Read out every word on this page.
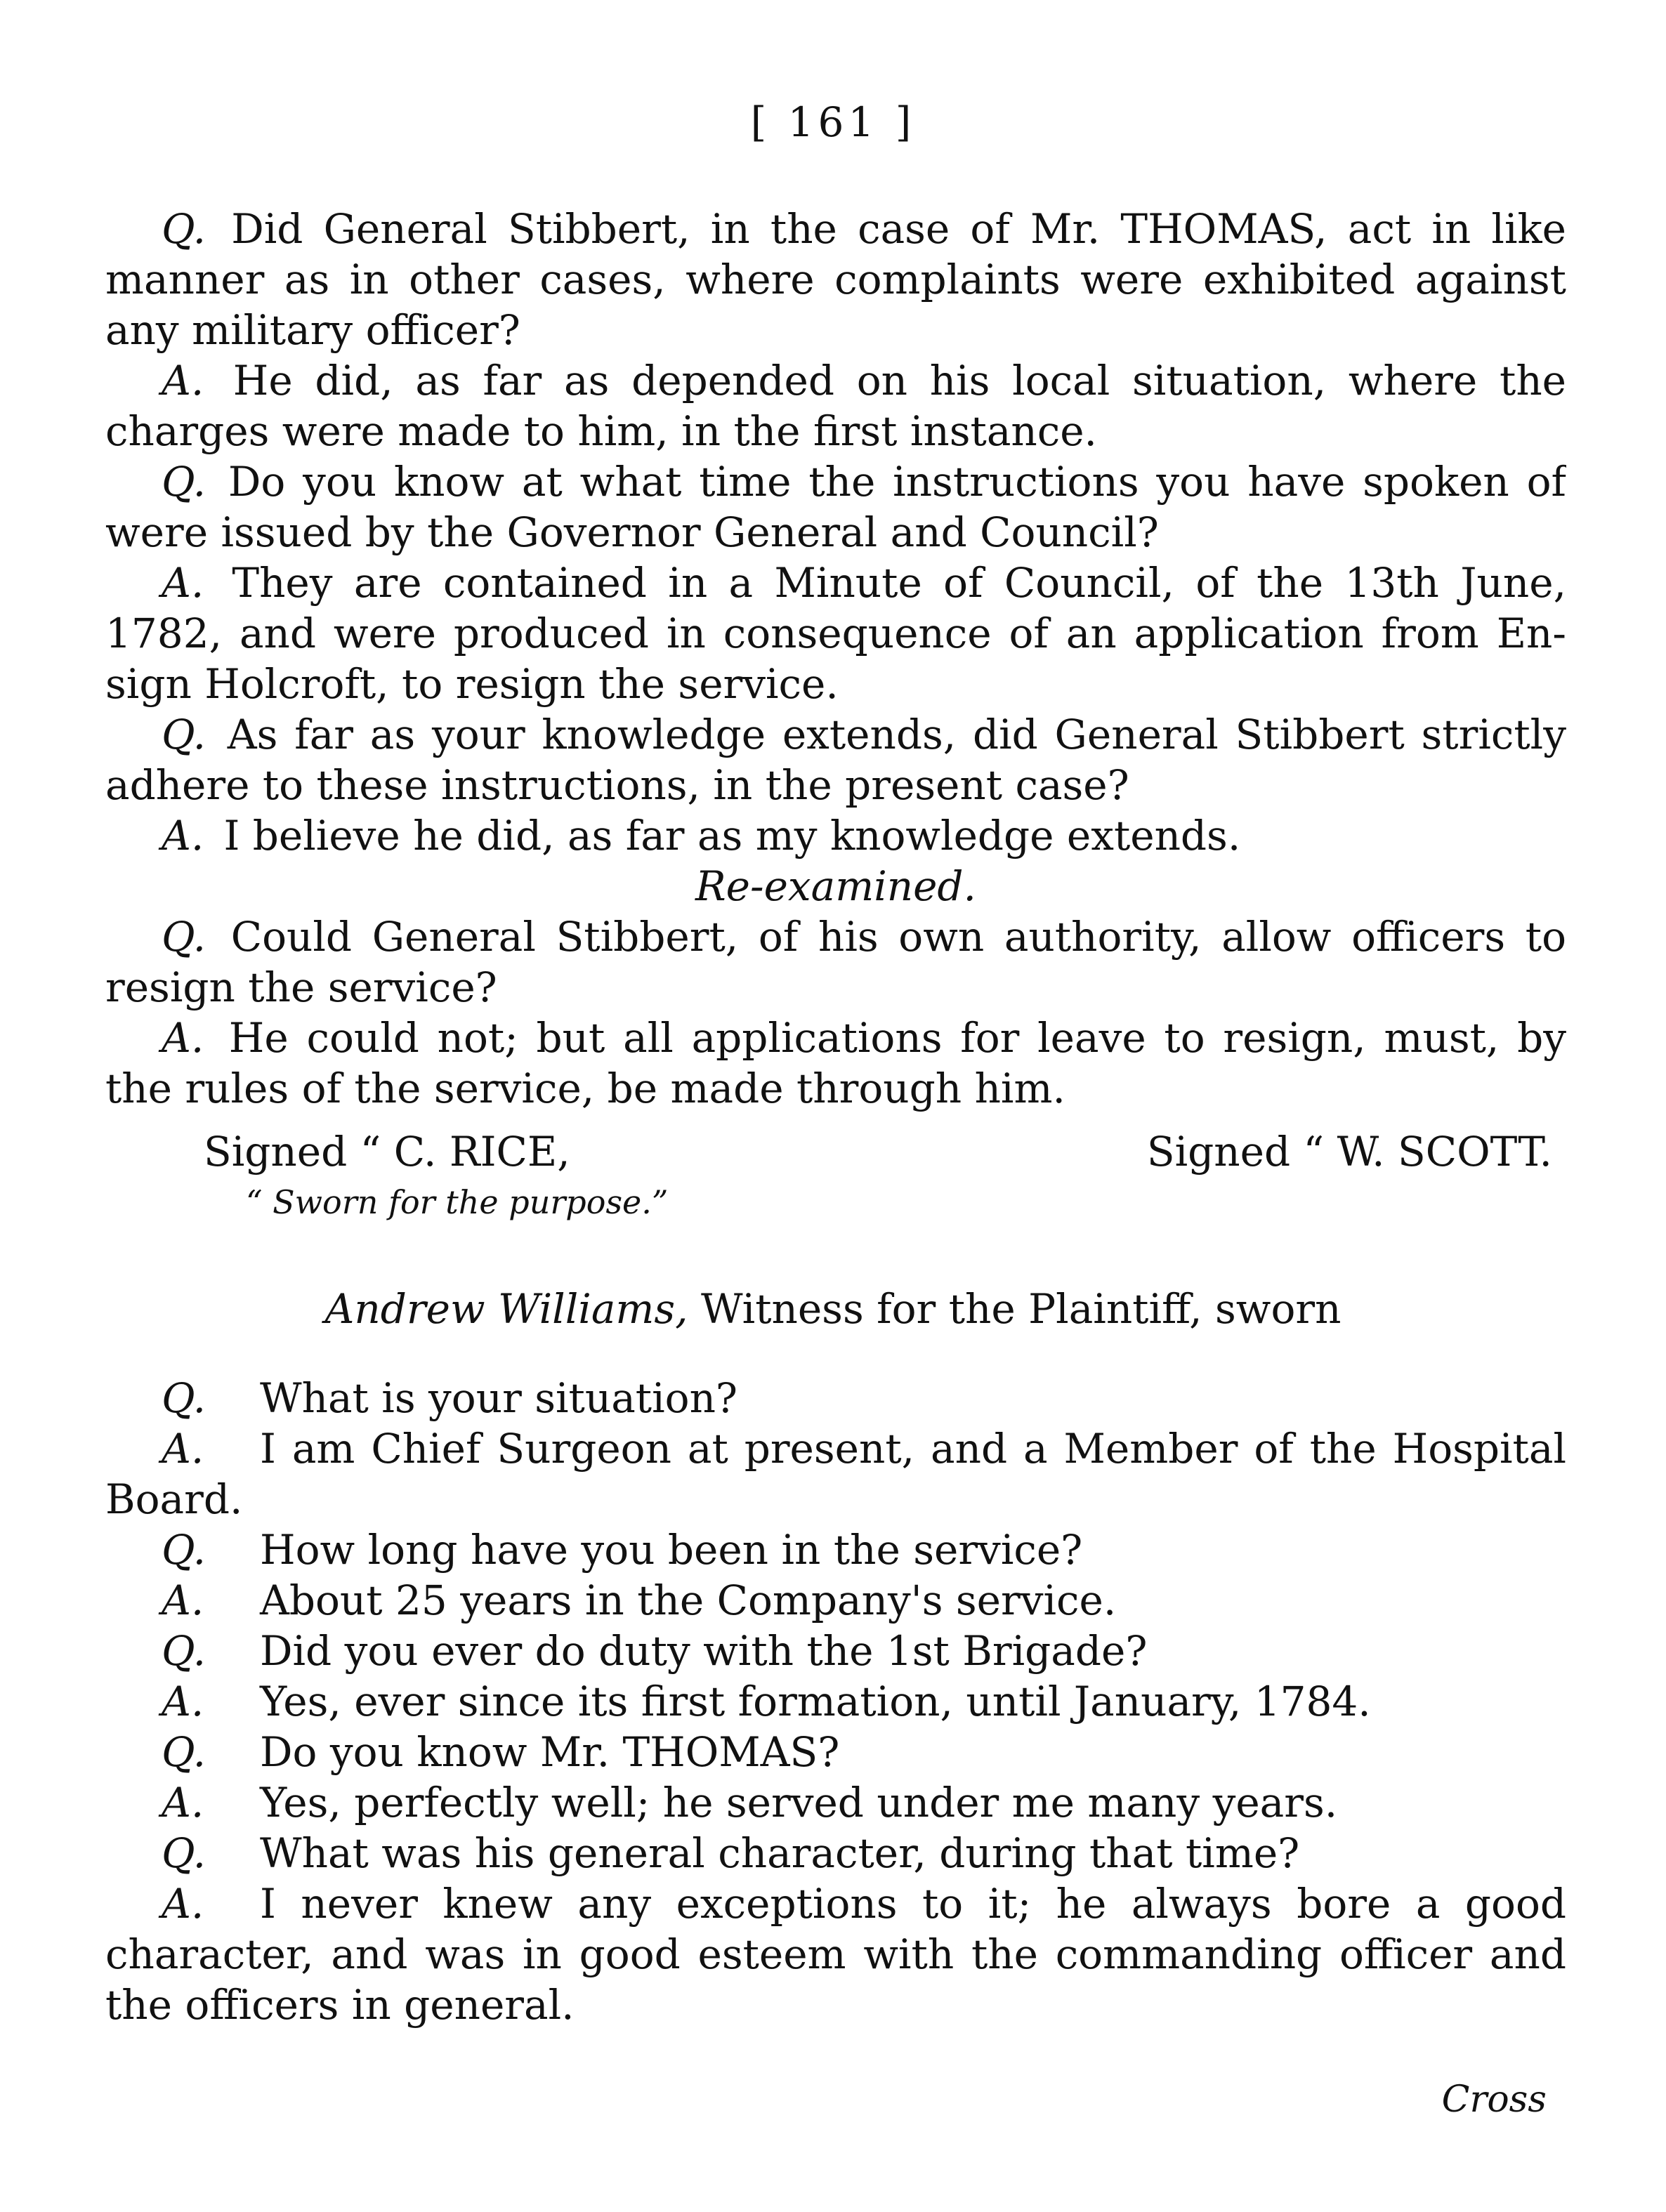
[ 161 ]
Q. Did General Stibbert, in the case of Mr. THOMAS, act in like
manner as in other cases, where complaints were exhibited against
any military officer?
A. He did, as far as depended on his local situation, where the
charges were made to him, in the first instance.
Q. Do you know at what time the instructions you have spoken of
were issued by the Governor General and Council?
A. They are contained in a Minute of Council, of the 13th June,
1782, and were produced in consequence of an application from En-
sign Holcroft, to resign the service.
Q. As far as your knowledge extends, did General Stibbert strictly
adhere to these instructions, in the present case?
A. I believe he did, as far as my knowledge extends.
Re-examined.
Q. Could General Stibbert, of his own authority, allow officers to
resign the service?
A. He could not; but all applications for leave to resign, must, by
the rules of the service, be made through him.
Signed “ C. RICE,	Signed “ W. SCOTT.
“ Sworn for the purpose.”
Andrew Williams, Witness for the Plaintiff, sworn
Q. What is your situation?
A. I am Chief Surgeon at present, and a Member of the Hospital
Board.
Q. How long have you been in the service?
A. About 25 years in the Company's service.
Q. Did you ever do duty with the 1st Brigade?
A. Yes, ever since its first formation, until January, 1784.
Q. Do you know Mr. THOMAS?
A. Yes, perfectly well; he served under me many years.
Q. What was his general character, during that time?
A. I never knew any exceptions to it; he always bore a good
character, and was in good esteem with the commanding officer and
the officers in general.
Cross
